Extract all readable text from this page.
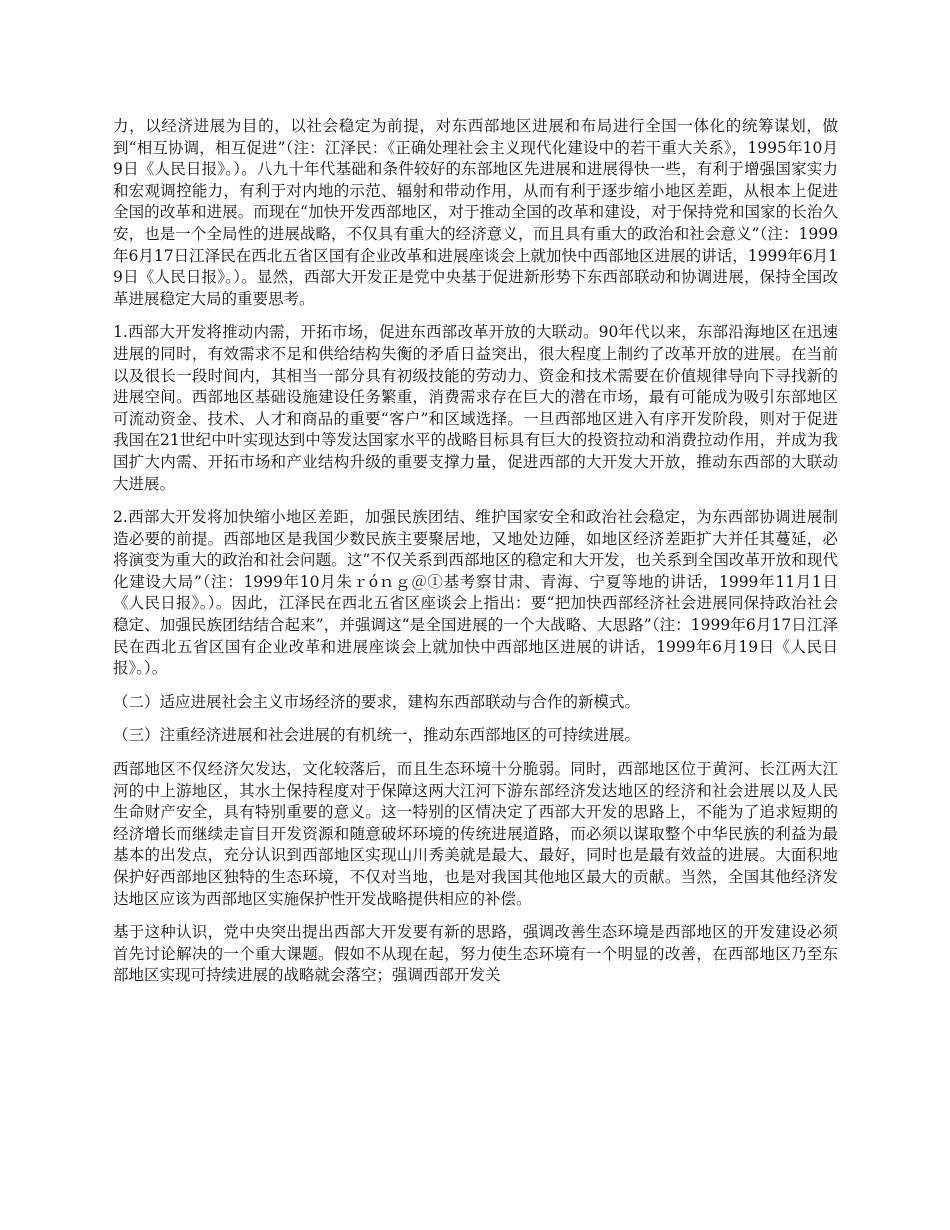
力，以经济进展为目的，以社会稳定为前提，对东西部地区进展和布局进行全国一体化的统筹谋划，做到“相互协调，相互促进”（注：江泽民：《正确处理社会主义现代化建设中的若干重大关系》，1995年10月9日《人民日报》。）。八九十年代基础和条件较好的东部地区先进展和进展得快一些，有利于增强国家实力和宏观调控能力，有利于对内地的示范、辐射和带动作用，从而有利于逐步缩小地区差距，从根本上促进全国的改革和进展。而现在“加快开发西部地区，对于推动全国的改革和建设，对于保持党和国家的长治久安，也是一个全局性的进展战略，不仅具有重大的经济意义，而且具有重大的政治和社会意义”（注：1999年6月17日江泽民在西北五省区国有企业改革和进展座谈会上就加快中西部地区进展的讲话，1999年6月19日《人民日报》。）。显然，西部大开发正是党中央基于促进新形势下东西部联动和协调进展，保持全国改革进展稳定大局的重要思考。

1.西部大开发将推动内需，开拓市场，促进东西部改革开放的大联动。90年代以来，东部沿海地区在迅速进展的同时，有效需求不足和供给结构失衡的矛盾日益突出，很大程度上制约了改革开放的进展。在当前以及很长一段时间内，其相当一部分具有初级技能的劳动力、资金和技术需要在价值规律导向下寻找新的进展空间。西部地区基础设施建设任务繁重，消费需求存在巨大的潜在市场，最有可能成为吸引东部地区可流动资金、技术、人才和商品的重要“客户”和区域选择。一旦西部地区进入有序开发阶段，则对于促进我国在21世纪中叶实现达到中等发达国家水平的战略目标具有巨大的投资拉动和消费拉动作用，并成为我国扩大内需、开拓市场和产业结构升级的重要支撑力量，促进西部的大开发大开放，推动东西部的大联动大进展。

2.西部大开发将加快缩小地区差距，加强民族团结、维护国家安全和政治社会稳定，为东西部协调进展制造必要的前提。西部地区是我国少数民族主要聚居地，又地处边陲，如地区经济差距扩大并任其蔓延，必将演变为重大的政治和社会问题。这“不仅关系到西部地区的稳定和大开发，也关系到全国改革开放和现代化建设大局”（注：1999年10月朱ｒóｎｇ＠①基考察甘肃、青海、宁夏等地的讲话，1999年11月1日《人民日报》。）。因此，江泽民在西北五省区座谈会上指出：要“把加快西部经济社会进展同保持政治社会稳定、加强民族团结结合起来”，并强调这“是全国进展的一个大战略、大思路”（注：1999年6月17日江泽民在西北五省区国有企业改革和进展座谈会上就加快中西部地区进展的讲话，1999年6月19日《人民日报》。）。

（二）适应进展社会主义市场经济的要求，建构东西部联动与合作的新模式。

（三）注重经济进展和社会进展的有机统一，推动东西部地区的可持续进展。

西部地区不仅经济欠发达，文化较落后，而且生态环境十分脆弱。同时，西部地区位于黄河、长江两大江河的中上游地区，其水土保持程度对于保障这两大江河下游东部经济发达地区的经济和社会进展以及人民生命财产安全，具有特别重要的意义。这一特别的区情决定了西部大开发的思路上，不能为了追求短期的经济增长而继续走盲目开发资源和随意破坏环境的传统进展道路，而必须以谋取整个中华民族的利益为最基本的出发点，充分认识到西部地区实现山川秀美就是最大、最好，同时也是最有效益的进展。大面积地保护好西部地区独特的生态环境，不仅对当地，也是对我国其他地区最大的贡献。当然，全国其他经济发达地区应该为西部地区实施保护性开发战略提供相应的补偿。

基于这种认识，党中央突出提出西部大开发要有新的思路，强调改善生态环境是西部地区的开发建设必须首先讨论解决的一个重大课题。假如不从现在起，努力使生态环境有一个明显的改善，在西部地区乃至东部地区实现可持续进展的战略就会落空；强调西部开发关
